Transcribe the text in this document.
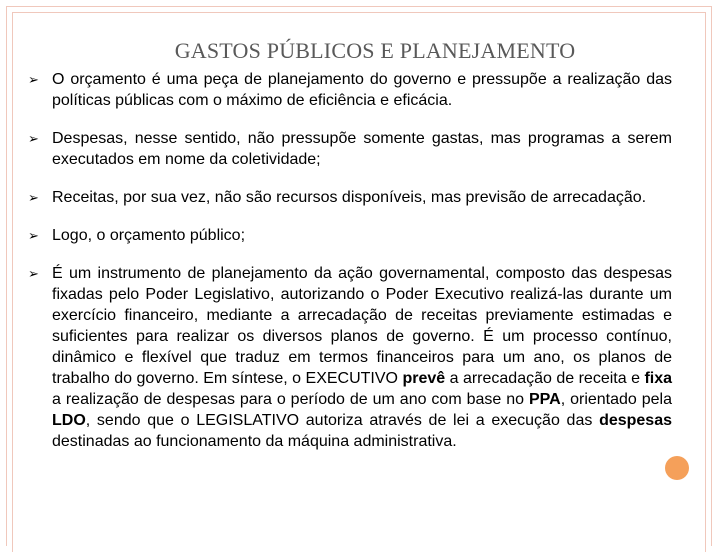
GASTOS PÚBLICOS E PLANEJAMENTO
➢ O orçamento é uma peça de planejamento do governo e pressupõe a realização das políticas públicas com o máximo de eficiência e eficácia.
➢ Despesas, nesse sentido, não pressupõe somente gastas, mas programas a serem executados em nome da coletividade;
➢ Receitas, por sua vez, não são recursos disponíveis, mas previsão de arrecadação.
➢ Logo, o orçamento público;
➢ É um instrumento de planejamento da ação governamental, composto das despesas fixadas pelo Poder Legislativo, autorizando o Poder Executivo realizá-las durante um exercício financeiro, mediante a arrecadação de receitas previamente estimadas e suficientes para realizar os diversos planos de governo. É um processo contínuo, dinâmico e flexível que traduz em termos financeiros para um ano, os planos de trabalho do governo. Em síntese, o EXECUTIVO prevê a arrecadação de receita e fixa a realização de despesas para o período de um ano com base no PPA, orientado pela LDO, sendo que o LEGISLATIVO autoriza através de lei a execução das despesas destinadas ao funcionamento da máquina administrativa.
